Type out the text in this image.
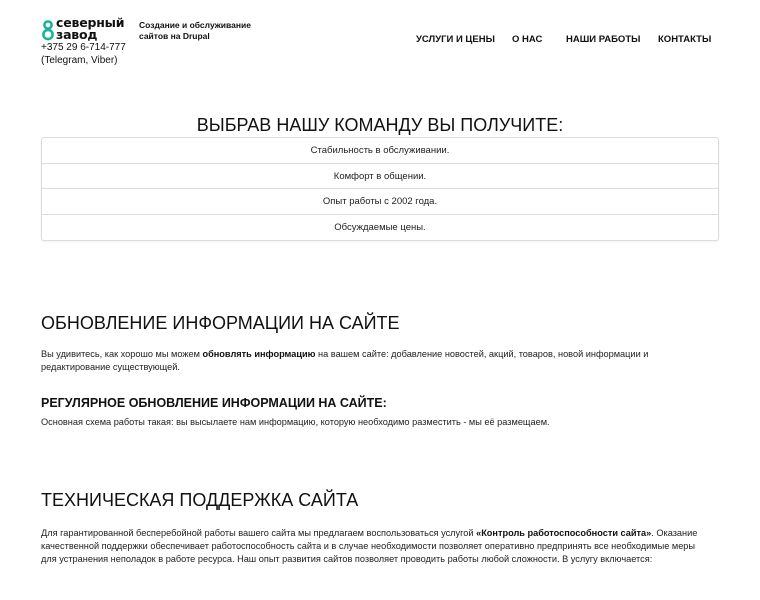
северный
завод
+375 29 6-714-777
(Telegram, Viber)
Создание и обслуживание
сайтов на Drupal	УСЛУГИ И ЦЕНЫ О НАС НАШИ РАБОТЫ КОНТАКТЫ
ВЫБРАВ НАШУ КОМАНДУ ВЫ ПОЛУЧИТЕ:
Стабильность в обслуживании.
Комфорт в общении.
Опыт работы с 2002 года.
Обсуждаемые цены.
ОБНОВЛЕНИЕ ИНФОРМАЦИИ НА САЙТЕ

Вы удивитесь, как хорошо мы можем обновлять информацию на вашем сайте: добавление новостей, акций, товаров, новой информации и редактирование существующей.

РЕГУЛЯРНОЕ ОБНОВЛЕНИЕ ИНФОРМАЦИИ НА САЙТЕ:

Основная схема работы такая: вы высылаете нам информацию, которую необходимо разместить - мы её размещаем.

ТЕХНИЧЕСКАЯ ПОДДЕРЖКА САЙТА

Для гарантированной бесперебойной работы вашего сайта мы предлагаем воспользоваться услугой «Контроль работоспособности сайта». Оказание качественной поддержки обеспечивает работоспособность сайта и в случае необходимости позволяет оперативно предпринять все необходимые меры для устранения неполадок в работе ресурса. Наш опыт развития сайтов позволяет проводить работы любой сложности. В услугу включается:
